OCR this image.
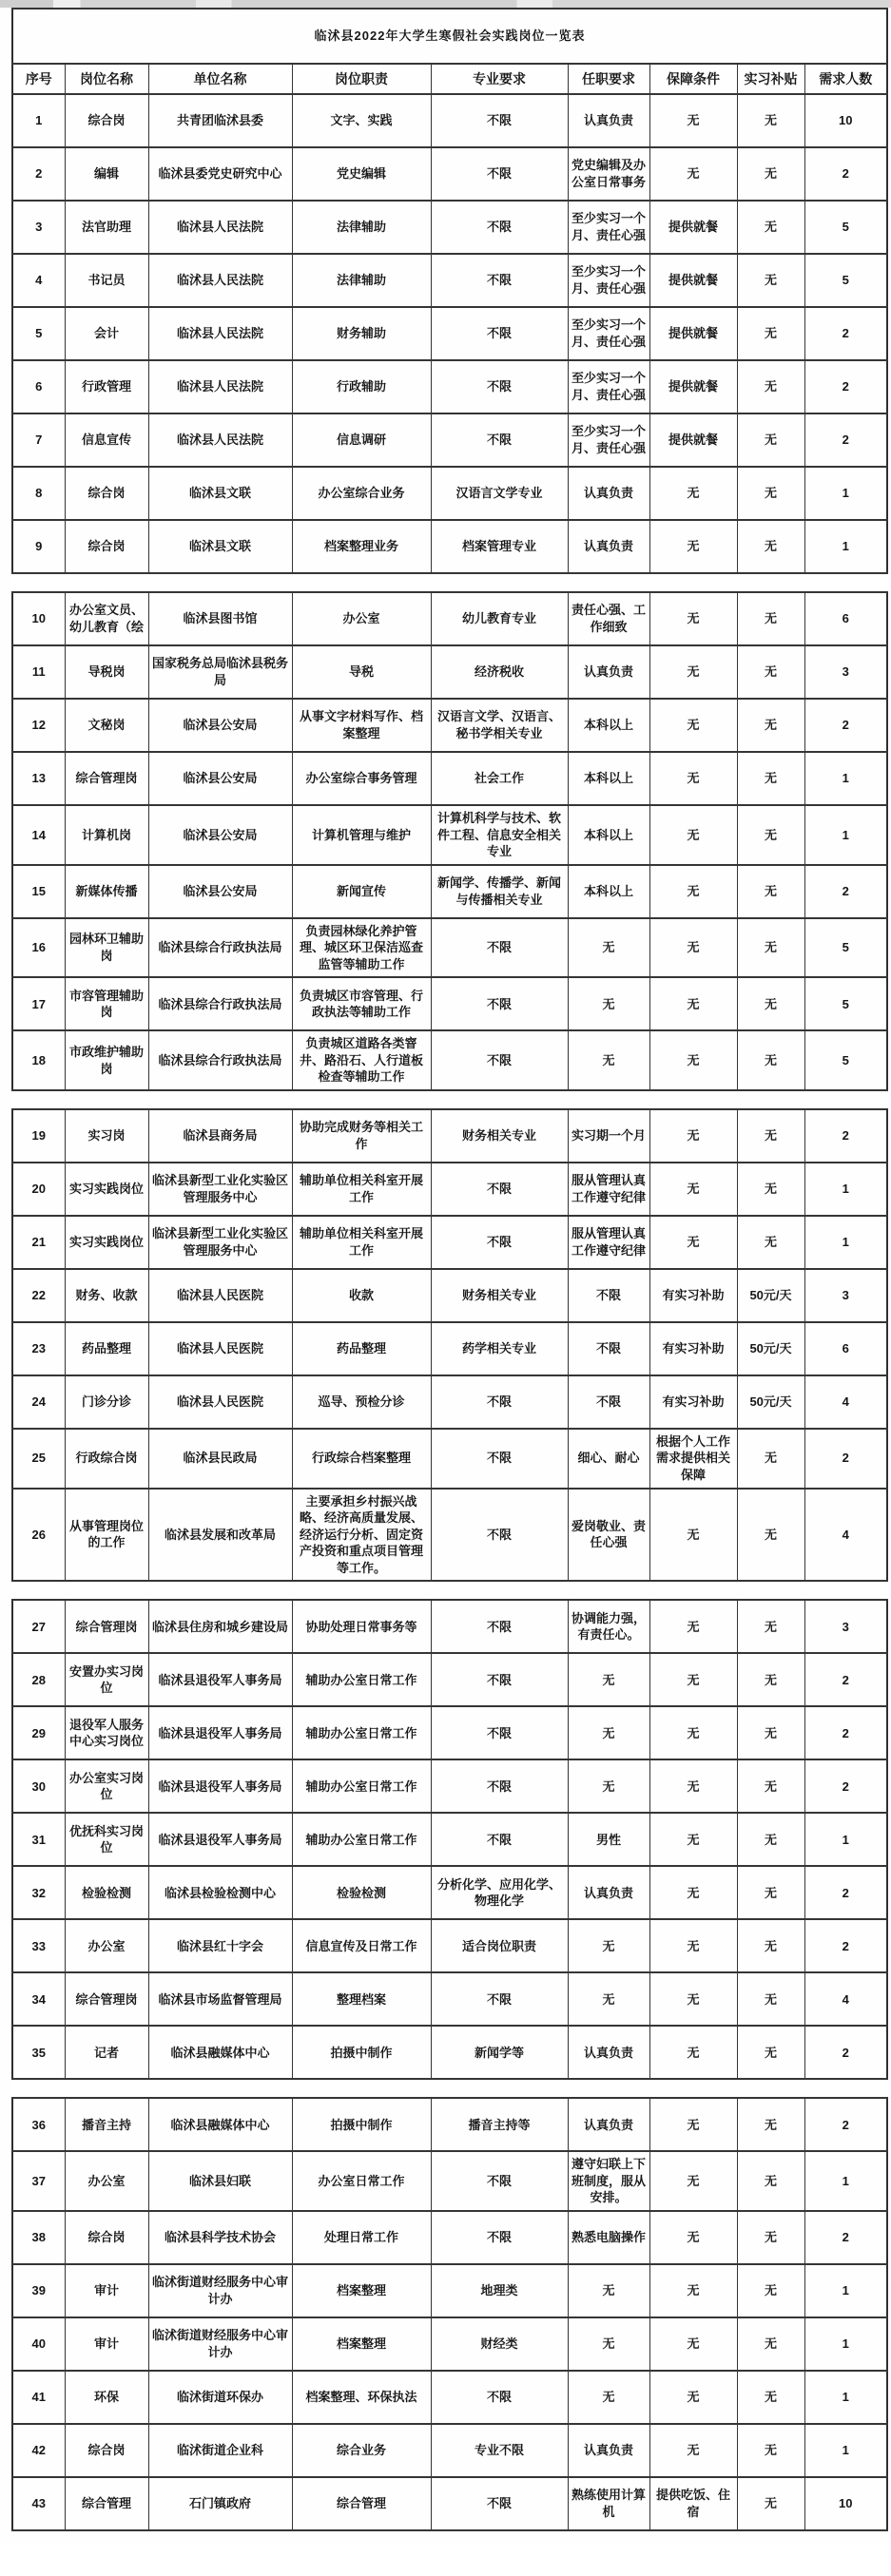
临沭县2022年大学生寒假社会实践岗位一览表								
序号	岗位名称	单位名称	岗位职责	专业要求	任职要求	保障条件	实习补贴	需求人数
1	综合岗	共青团临沭县委	文字、实践	不限	认真负责	无	无	10
2	编辑	临沭县委党史研究中心	党史编辑	不限	党史编辑及办公室日常事务	无	无	2
3	法官助理	临沭县人民法院	法律辅助	不限	至少实习一个月、责任心强	提供就餐	无	5
4	书记员	临沭县人民法院	法律辅助	不限	至少实习一个月、责任心强	提供就餐	无	5
5	会计	临沭县人民法院	财务辅助	不限	至少实习一个月、责任心强	提供就餐	无	2
6	行政管理	临沭县人民法院	行政辅助	不限	至少实习一个月、责任心强	提供就餐	无	2
7	信息宣传	临沭县人民法院	信息调研	不限	至少实习一个月、责任心强	提供就餐	无	2
8	综合岗	临沭县文联	办公室综合业务	汉语言文学专业	认真负责	无	无	1
9	综合岗	临沭县文联	档案整理业务	档案管理专业	认真负责	无	无	1
10	办公室文员、幼儿教育（绘	临沭县图书馆	办公室	幼儿教育专业	责任心强、工作细致	无	无	6
11	导税岗	国家税务总局临沭县税务局	导税	经济税收	认真负责	无	无	3
12	文秘岗	临沭县公安局	从事文字材料写作、档案整理	汉语言文学、汉语言、秘书学相关专业	本科以上	无	无	2
13	综合管理岗	临沭县公安局	办公室综合事务管理	社会工作	本科以上	无	无	1
14	计算机岗	临沭县公安局	计算机管理与维护	计算机科学与技术、软件工程、信息安全相关专业	本科以上	无	无	1
15	新媒体传播	临沭县公安局	新闻宣传	新闻学、传播学、新闻与传播相关专业	本科以上	无	无	2
16	园林环卫辅助岗	临沭县综合行政执法局	负责园林绿化养护管理、城区环卫保洁巡查监管等辅助工作	不限	无	无	无	5
17	市容管理辅助岗	临沭县综合行政执法局	负责城区市容管理、行政执法等辅助工作	不限	无	无	无	5
18	市政维护辅助岗	临沭县综合行政执法局	负责城区道路各类窨井、路沿石、人行道板检查等辅助工作	不限	无	无	无	5
19	实习岗	临沭县商务局	协助完成财务等相关工作	财务相关专业	实习期一个月	无	无	2
20	实习实践岗位	临沭县新型工业化实验区管理服务中心	辅助单位相关科室开展工作	不限	服从管理认真工作遵守纪律	无	无	1
21	实习实践岗位	临沭县新型工业化实验区管理服务中心	辅助单位相关科室开展工作	不限	服从管理认真工作遵守纪律	无	无	1
22	财务、收款	临沭县人民医院	收款	财务相关专业	不限	有实习补助	50元/天	3
23	药品整理	临沭县人民医院	药品整理	药学相关专业	不限	有实习补助	50元/天	6
24	门诊分诊	临沭县人民医院	巡导、预检分诊	不限	不限	有实习补助	50元/天	4
25	行政综合岗	临沭县民政局	行政综合档案整理	不限	细心、耐心	根据个人工作需求提供相关保障	无	2
26	从事管理岗位的工作	临沭县发展和改革局	主要承担乡村振兴战略、经济高质量发展、经济运行分析、固定资产投资和重点项目管理等工作。	不限	爱岗敬业、责任心强	无	无	4
27	综合管理岗	临沭县住房和城乡建设局	协助处理日常事务等	不限	协调能力强，有责任心。	无	无	3
28	安置办实习岗位	临沭县退役军人事务局	辅助办公室日常工作	不限	无	无	无	2
29	退役军人服务中心实习岗位	临沭县退役军人事务局	辅助办公室日常工作	不限	无	无	无	2
30	办公室实习岗位	临沭县退役军人事务局	辅助办公室日常工作	不限	无	无	无	2
31	优抚科实习岗位	临沭县退役军人事务局	辅助办公室日常工作	不限	男性	无	无	1
32	检验检测	临沭县检验检测中心	检验检测	分析化学、应用化学、物理化学	认真负责	无	无	2
33	办公室	临沭县红十字会	信息宣传及日常工作	适合岗位职责	无	无	无	2
34	综合管理岗	临沭县市场监督管理局	整理档案	不限	无	无	无	4
35	记者	临沭县融媒体中心	拍摄中制作	新闻学等	认真负责	无	无	2
36	播音主持	临沭县融媒体中心	拍摄中制作	播音主持等	认真负责	无	无	2
37	办公室	临沭县妇联	办公室日常工作	不限	遵守妇联上下班制度，服从安排。	无	无	1
38	综合岗	临沭县科学技术协会	处理日常工作	不限	熟悉电脑操作	无	无	2
39	审计	临沭街道财经服务中心审计办	档案整理	地理类	无	无	无	1
40	审计	临沭街道财经服务中心审计办	档案整理	财经类	无	无	无	1
41	环保	临沭街道环保办	档案整理、环保执法	不限	无	无	无	1
42	综合岗	临沭街道企业科	综合业务	专业不限	认真负责	无	无	1
43	综合管理	石门镇政府	综合管理	不限	熟练使用计算机	提供吃饭、住宿	无	10
